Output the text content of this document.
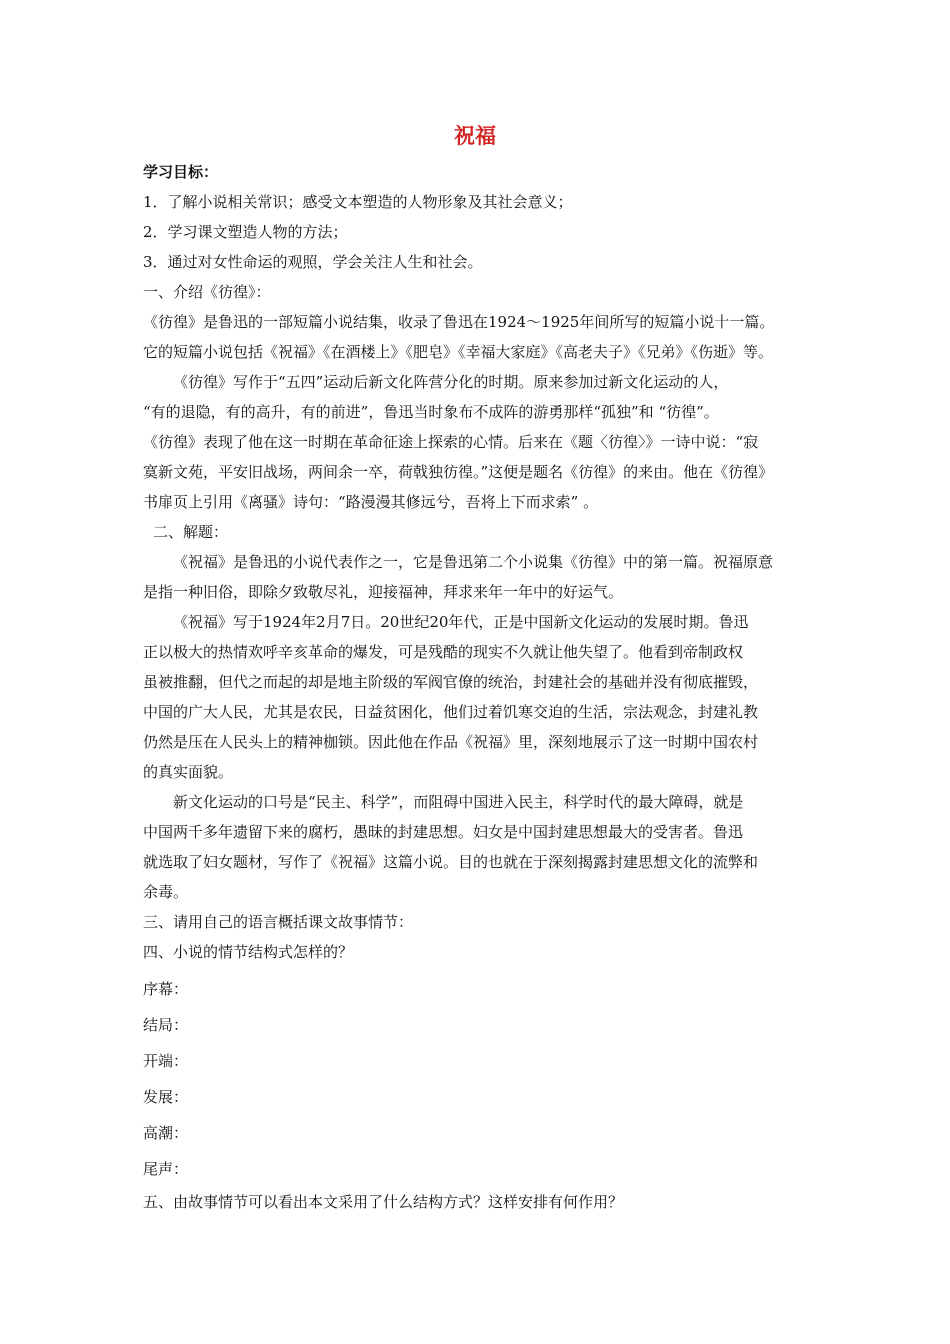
祝福
学习目标：
1．了解小说相关常识；感受文本塑造的人物形象及其社会意义；
2．学习课文塑造人物的方法；
3．通过对女性命运的观照，学会关注人生和社会。
一、介绍《彷徨》：
《彷徨》是鲁迅的一部短篇小说结集，收录了鲁迅在1924～1925年间所写的短篇小说十一篇。
它的短篇小说包括《祝福》《在酒楼上》《肥皂》《幸福大家庭》《高老夫子》《兄弟》《伤逝》等。
《彷徨》写作于“五四”运动后新文化阵营分化的时期。原来参加过新文化运动的人，
“有的退隐，有的高升，有的前进”，鲁迅当时象布不成阵的游勇那样“孤独”和 “彷徨”。
《彷徨》表现了他在这一时期在革命征途上探索的心情。后来在《题〈彷徨〉》一诗中说：“寂
寞新文苑，平安旧战场，两间余一卒，荷戟独彷徨。”这便是题名《彷徨》的来由。他在《彷徨》
书扉页上引用《离骚》诗句：“路漫漫其修远兮，吾将上下而求索” 。
二、解题：
《祝福》是鲁迅的小说代表作之一，它是鲁迅第二个小说集《彷徨》中的第一篇。祝福原意
是指一种旧俗，即除夕致敬尽礼，迎接福神，拜求来年一年中的好运气。
《祝福》写于1924年2月7日。20世纪20年代，正是中国新文化运动的发展时期。鲁迅
正以极大的热情欢呼辛亥革命的爆发，可是残酷的现实不久就让他失望了。他看到帝制政权
虽被推翻，但代之而起的却是地主阶级的军阀官僚的统治，封建社会的基础并没有彻底摧毁，
中国的广大人民，尤其是农民，日益贫困化，他们过着饥寒交迫的生活，宗法观念，封建礼教
仍然是压在人民头上的精神枷锁。因此他在作品《祝福》里，深刻地展示了这一时期中国农村
的真实面貌。
新文化运动的口号是“民主、科学”，而阻碍中国进入民主，科学时代的最大障碍，就是
中国两千多年遗留下来的腐朽，愚昧的封建思想。妇女是中国封建思想最大的受害者。鲁迅
就选取了妇女题材，写作了《祝福》这篇小说。目的也就在于深刻揭露封建思想文化的流弊和
余毒。
三、请用自己的语言概括课文故事情节：
四、小说的情节结构式怎样的？
序幕：
结局：
开端：
发展：
高潮：
尾声：
五、由故事情节可以看出本文采用了什么结构方式？这样安排有何作用？
